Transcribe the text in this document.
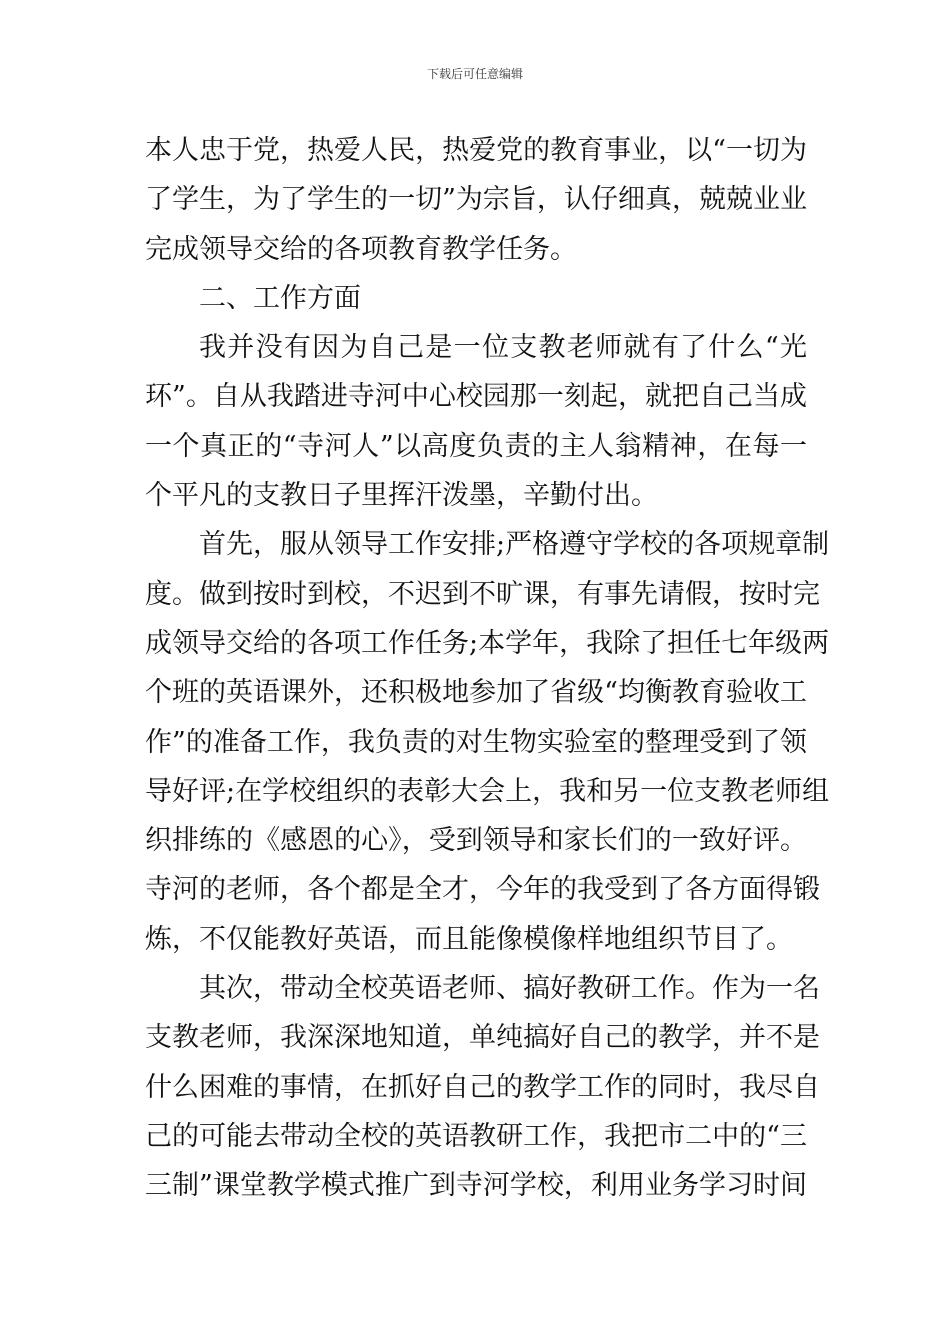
下载后可任意编辑
本人忠于党，热爱人民，热爱党的教育事业，以“一切为
了学生，为了学生的一切”为宗旨，认仔细真，兢兢业业
完成领导交给的各项教育教学任务。
二、工作方面
我并没有因为自己是一位支教老师就有了什么“光
环”。自从我踏进寺河中心校园那一刻起，就把自己当成
一个真正的“寺河人”以高度负责的主人翁精神，在每一
个平凡的支教日子里挥汗泼墨，辛勤付出。
首先，服从领导工作安排;严格遵守学校的各项规章制
度。做到按时到校，不迟到不旷课，有事先请假，按时完
成领导交给的各项工作任务;本学年，我除了担任七年级两
个班的英语课外，还积极地参加了省级“均衡教育验收工
作”的准备工作，我负责的对生物实验室的整理受到了领
导好评;在学校组织的表彰大会上，我和另一位支教老师组
织排练的《感恩的心》，受到领导和家长们的一致好评。
寺河的老师，各个都是全才，今年的我受到了各方面得锻
炼，不仅能教好英语，而且能像模像样地组织节目了。
其次，带动全校英语老师、搞好教研工作。作为一名
支教老师，我深深地知道，单纯搞好自己的教学，并不是
什么困难的事情，在抓好自己的教学工作的同时，我尽自
己的可能去带动全校的英语教研工作，我把市二中的“三
三制”课堂教学模式推广到寺河学校，利用业务学习时间
